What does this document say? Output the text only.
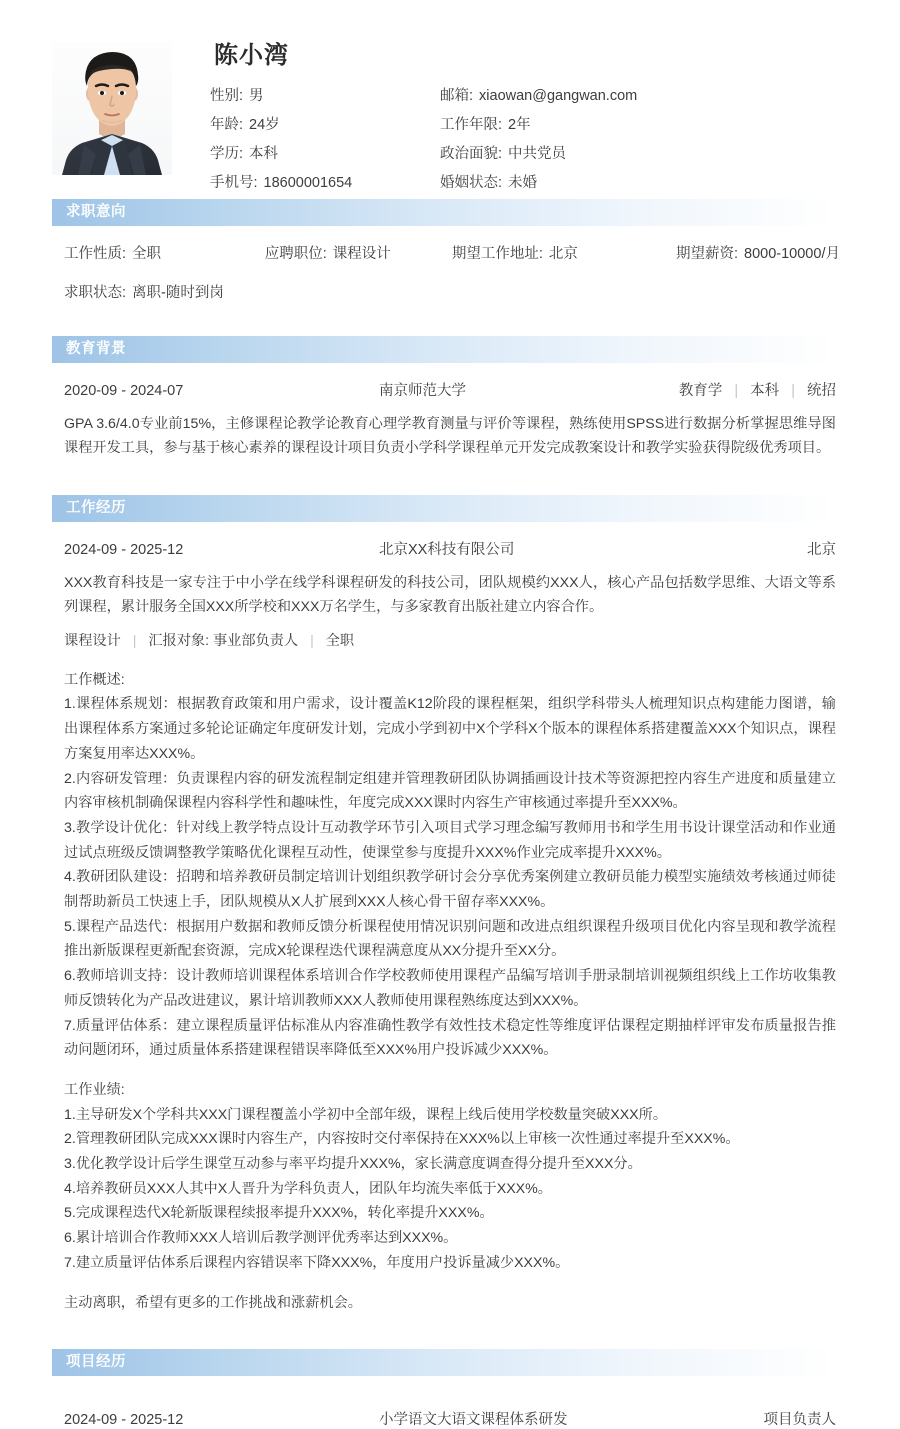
陈小湾
性别: 男	邮箱: xiaowan@gangwan.com
年龄: 24岁	工作年限: 2年
学历: 本科	政治面貌: 中共党员
手机号: 18600001654	婚姻状态: 未婚
求职意向
工作性质: 全职	应聘职位: 课程设计	期望工作地址: 北京	期望薪资: 8000-10000/月
求职状态: 离职-随时到岗
教育背景
2020-09 - 2024-07	南京师范大学	教育学 | 本科 | 统招
GPA 3.6/4.0专业前15%，主修课程论教学论教育心理学教育测量与评价等课程，熟练使用SPSS进行数据分析掌握思维导图课程开发工具，参与基于核心素养的课程设计项目负责小学科学课程单元开发完成教案设计和教学实验获得院级优秀项目。
工作经历
2024-09 - 2025-12	北京XX科技有限公司	北京
XXX教育科技是一家专注于中小学在线学科课程研发的科技公司，团队规模约XXX人，核心产品包括数学思维、大语文等系列课程，累计服务全国XXX所学校和XXX万名学生，与多家教育出版社建立内容合作。
课程设计 | 汇报对象: 事业部负责人 | 全职

工作概述:

1.课程体系规划：根据教育政策和用户需求，设计覆盖K12阶段的课程框架，组织学科带头人梳理知识点构建能力图谱，输出课程体系方案通过多轮论证确定年度研发计划，完成小学到初中X个学科X个版本的课程体系搭建覆盖XXX个知识点，课程方案复用率达XXX%。

2.内容研发管理：负责课程内容的研发流程制定组建并管理教研团队协调插画设计技术等资源把控内容生产进度和质量建立内容审核机制确保课程内容科学性和趣味性，年度完成XXX课时内容生产审核通过率提升至XXX%。

3.教学设计优化：针对线上教学特点设计互动教学环节引入项目式学习理念编写教师用书和学生用书设计课堂活动和作业通过试点班级反馈调整教学策略优化课程互动性，使课堂参与度提升XXX%作业完成率提升XXX%。

4.教研团队建设：招聘和培养教研员制定培训计划组织教学研讨会分享优秀案例建立教研员能力模型实施绩效考核通过师徒制帮助新员工快速上手，团队规模从X人扩展到XXX人核心骨干留存率XXX%。

5.课程产品迭代：根据用户数据和教师反馈分析课程使用情况识别问题和改进点组织课程升级项目优化内容呈现和教学流程推出新版课程更新配套资源，完成X轮课程迭代课程满意度从XX分提升至XX分。

6.教师培训支持：设计教师培训课程体系培训合作学校教师使用课程产品编写培训手册录制培训视频组织线上工作坊收集教师反馈转化为产品改进建议，累计培训教师XXX人教师使用课程熟练度达到XXX%。

7.质量评估体系：建立课程质量评估标准从内容准确性教学有效性技术稳定性等维度评估课程定期抽样评审发布质量报告推动问题闭环，通过质量体系搭建课程错误率降低至XXX%用户投诉减少XXX%。

工作业绩:

1.主导研发X个学科共XXX门课程覆盖小学初中全部年级，课程上线后使用学校数量突破XXX所。

2.管理教研团队完成XXX课时内容生产，内容按时交付率保持在XXX%以上审核一次性通过率提升至XXX%。

3.优化教学设计后学生课堂互动参与率平均提升XXX%，家长满意度调查得分提升至XXX分。

4.培养教研员XXX人其中X人晋升为学科负责人，团队年均流失率低于XXX%。

5.完成课程迭代X轮新版课程续报率提升XXX%，转化率提升XXX%。

6.累计培训合作教师XXX人培训后教学测评优秀率达到XXX%。

7.建立质量评估体系后课程内容错误率下降XXX%，年度用户投诉量减少XXX%。

主动离职，希望有更多的工作挑战和涨薪机会。

项目经历
2024-09 - 2025-12	小学语文大语文课程体系研发	项目负责人
